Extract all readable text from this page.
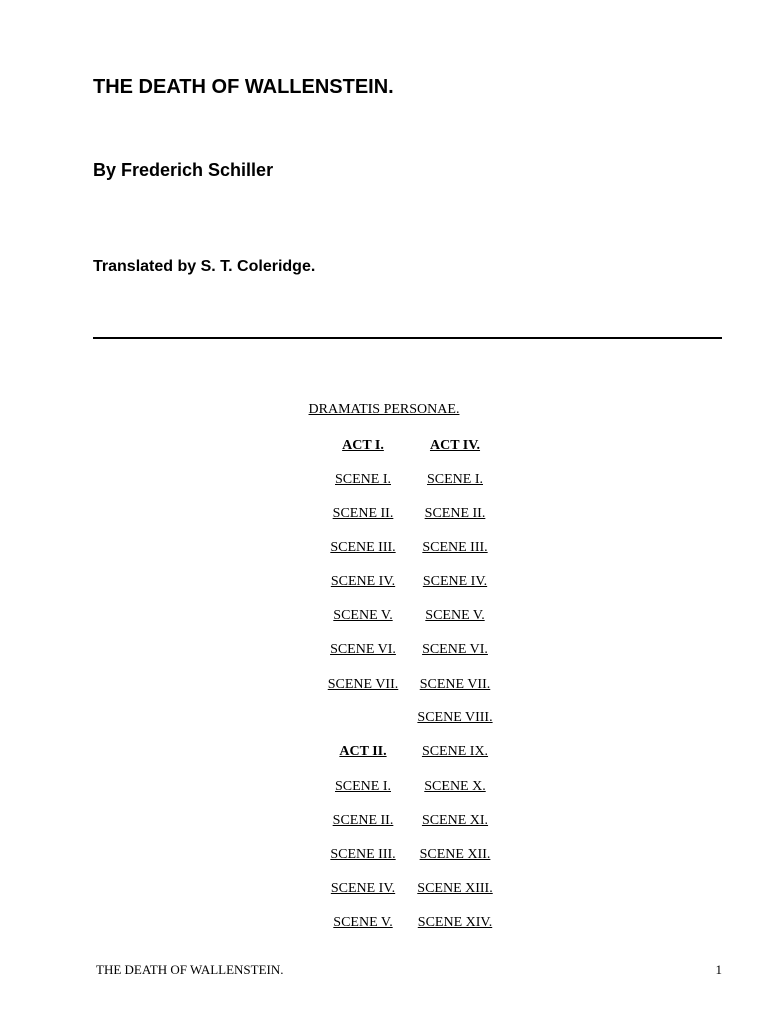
THE DEATH OF WALLENSTEIN.
By Frederich Schiller
Translated by S. T. Coleridge.
DRAMATIS PERSONAE.
ACT I.
SCENE I.
SCENE II.
SCENE III.
SCENE IV.
SCENE V.
SCENE VI.
SCENE VII.
ACT II.
SCENE I.
SCENE II.
SCENE III.
SCENE IV.
SCENE V.
ACT IV.
SCENE I.
SCENE II.
SCENE III.
SCENE IV.
SCENE V.
SCENE VI.
SCENE VII.
SCENE VIII.
SCENE IX.
SCENE X.
SCENE XI.
SCENE XII.
SCENE XIII.
SCENE XIV.
THE DEATH OF WALLENSTEIN.	1
